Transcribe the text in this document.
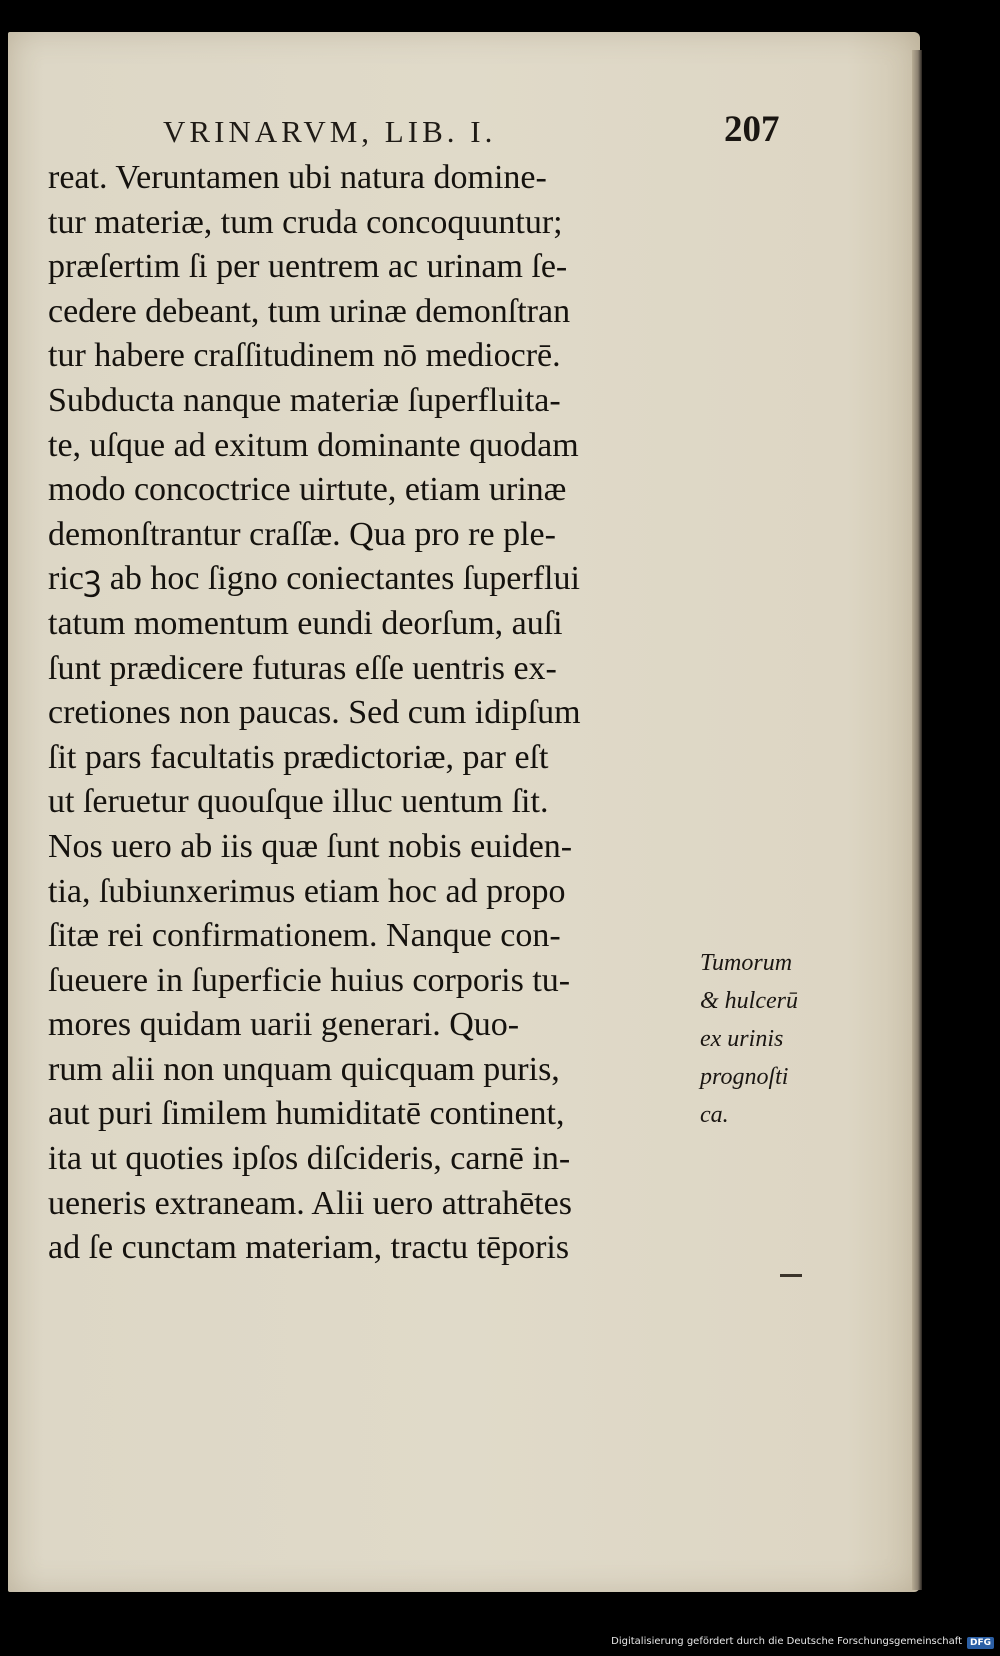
VRINARVM, LIB. I.	207
reat. Veruntamen ubi natura domine-
tur materiæ, tum cruda concoquuntur;
præſertim ſi per uentrem ac urinam ſe-
cedere debeant, tum urinæ demonſtran
tur habere craſſitudinem nō mediocrē.
Subducta nanque materiæ ſuperfluita-
te, uſque ad exitum dominante quodam
modo concoctrice uirtute, etiam urinæ
demonſtrantur craſſæ. Qua pro re ple-
ricꝫ ab hoc ſigno coniectantes ſuperflui
tatum momentum eundi deorſum, auſi
ſunt prædicere futuras eſſe uentris ex-
cretiones non paucas. Sed cum idipſum
ſit pars facultatis prædictoriæ, par eſt
ut ſeruetur quouſque illuc uentum ſit.
Nos uero ab iis quæ ſunt nobis euiden-
tia, ſubiunxerimus etiam hoc ad propo
ſitæ rei confirmationem. Nanque con-
ſueuere in ſuperficie huius corporis tu-
mores quidam uarii generari. Quo-
rum alii non unquam quicquam puris,
aut puri ſimilem humiditatē continent,
ita ut quoties ipſos diſcideris, carnē in-
ueneris extraneam. Alii uero attrahētes
ad ſe cunctam materiam, tractu tēporis
Tumorum
& hulcerū
ex urinis
prognoſti
ca.
Digitalisierung gefördert durch die Deutsche Forschungsgemeinschaft DFG
